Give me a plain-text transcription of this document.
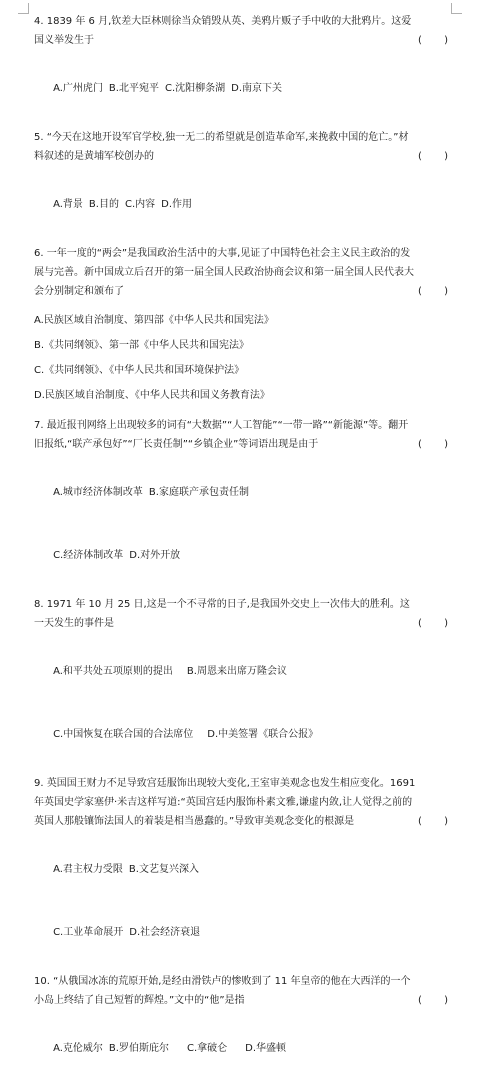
4. 1839 年 6 月,钦差大臣林则徐当众销毁从英、美鸦片贩子手中收的大批鸦片。这爱国义举发生于	(       )

A.广州虎门 B.北平宛平 C.沈阳柳条湖 D.南京下关

5. “今天在这地开设军官学校,独一无二的希望就是创造革命军,来挽救中国的危亡。”材料叙述的是黄埔军校创办的	(       )

A.背景 B.目的 C.内容 D.作用

6. 一年一度的“两会”是我国政治生活中的大事,见证了中国特色社会主义民主政治的发展与完善。新中国成立后召开的第一届全国人民政治协商会议和第一届全国人民代表大会分别制定和颁布了	(       )
A.民族区域自治制度、第四部《中华人民共和国宪法》
B.《共同纲领》、第一部《中华人民共和国宪法》
C.《共同纲领》、《中华人民共和国环境保护法》
D.民族区域自治制度、《中华人民共和国义务教育法》
7. 最近报刊网络上出现较多的词有“大数据”“人工智能”“一带一路”“新能源”等。翻开旧报纸,“联产承包好”“厂长责任制”“乡镇企业”等词语出现是由于	(       )

A.城市经济体制改革 B.家庭联产承包责任制

C.经济体制改革 D.对外开放

8. 1971 年 10 月 25 日,这是一个不寻常的日子,是我国外交史上一次伟大的胜利。这一天发生的事件是	(       )

A.和平共处五项原则的提出 B.周恩来出席万隆会议

C.中国恢复在联合国的合法席位 D.中美签署《联合公报》

9. 英国国王财力不足导致宫廷服饰出现较大变化,王室审美观念也发生相应变化。1691 年英国史学家塞伊·米吉这样写道:“英国宫廷内服饰朴素文雅,谦虚内敛,让人觉得之前的英国人那般镶饰法国人的着装是相当愚蠢的。”导致审美观念变化的根源是	(       )

A.君主权力受限 B.文艺复兴深入

C.工业革命展开 D.社会经济衰退

10. “从俄国冰冻的荒原开始,是经由滑铁卢的惨败到了 11 年皇帝的他在大西洋的一个小岛上终结了自己短暂的辉煌。”文中的“他”是指	(       )

A.克伦威尔 B.罗伯斯庇尔 C.拿破仑 D.华盛顿
